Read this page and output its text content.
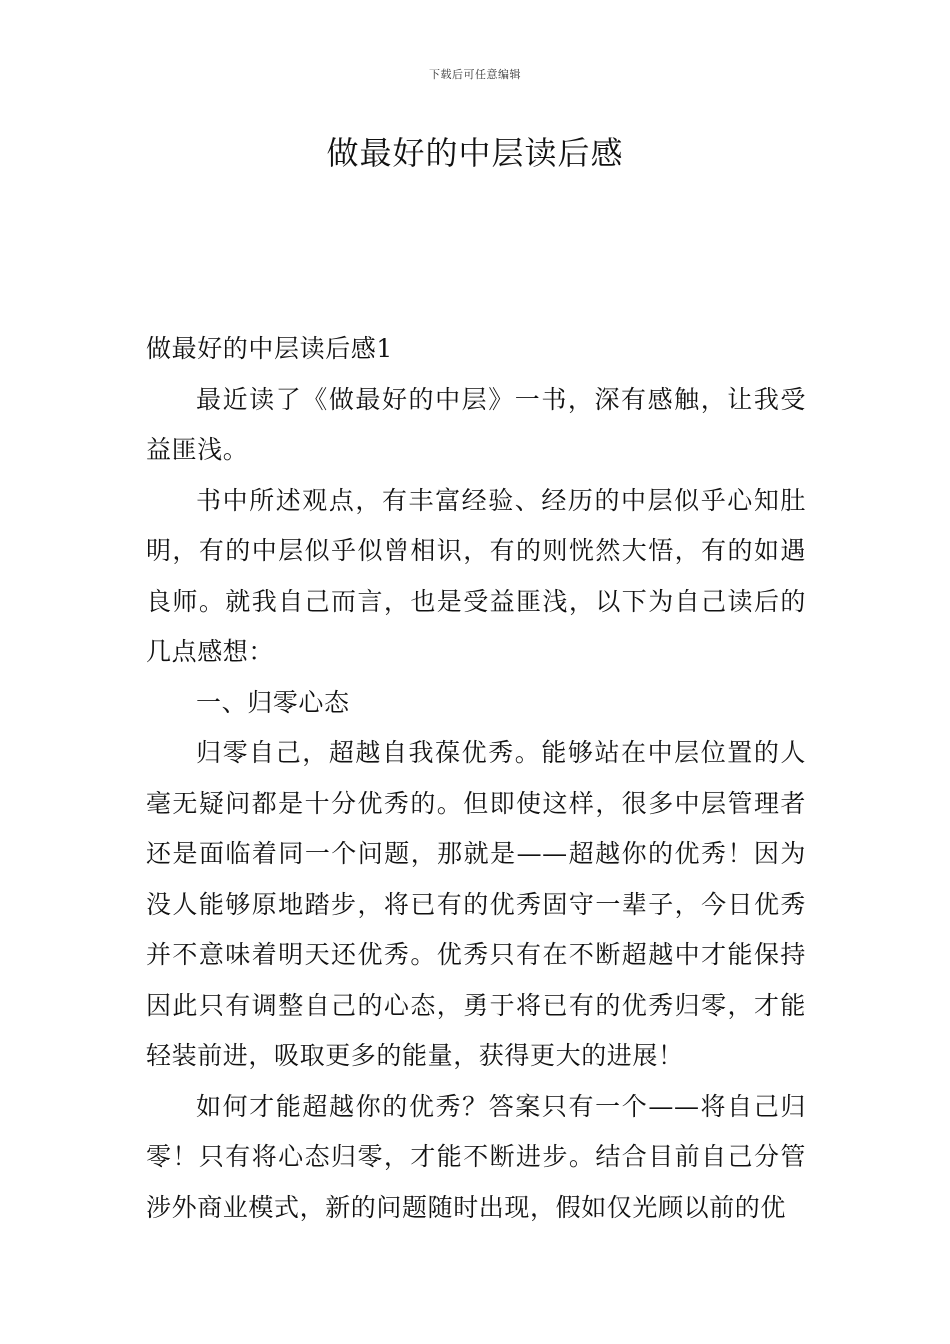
下载后可任意编辑
做最好的中层读后感

做最好的中层读后感1

最近读了《做最好的中层》一书，深有感触，让我受益匪浅。

书中所述观点，有丰富经验、经历的中层似乎心知肚明，有的中层似乎似曾相识，有的则恍然大悟，有的如遇良师。就我自己而言，也是受益匪浅，以下为自己读后的几点感想：

一、归零心态

归零自己，超越自我葆优秀。能够站在中层位置的人毫无疑问都是十分优秀的。但即使这样，很多中层管理者还是面临着同一个问题，那就是——超越你的优秀！因为没人能够原地踏步，将已有的优秀固守一辈子，今日优秀并不意味着明天还优秀。优秀只有在不断超越中才能保持因此只有调整自己的心态，勇于将已有的优秀归零，才能轻装前进，吸取更多的能量，获得更大的进展！

如何才能超越你的优秀？答案只有一个——将自己归零！只有将心态归零，才能不断进步。结合目前自己分管涉外商业模式，新的问题随时出现，假如仅光顾以前的优
